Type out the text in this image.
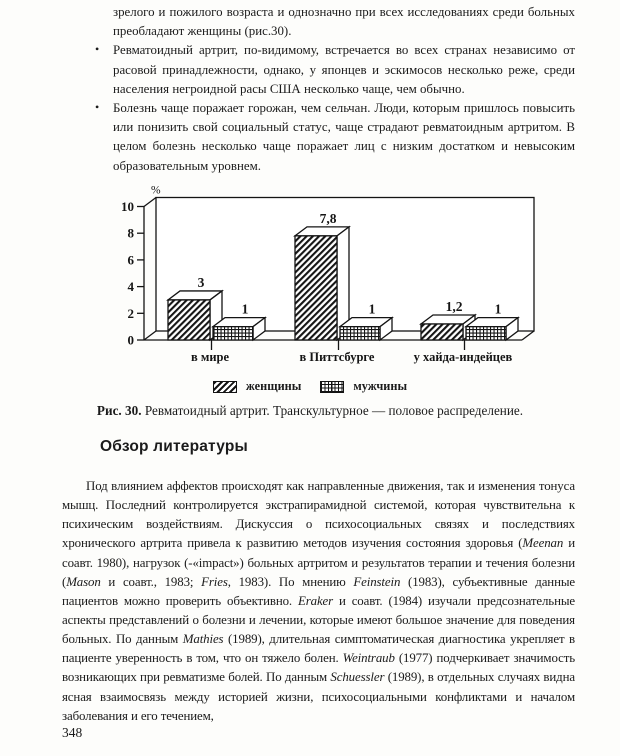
зрелого и пожилого возраста и однозначно при всех исследованиях среди больных преобладают женщины (рис.30).
• Ревматоидный артрит, по-видимому, встречается во всех странах независимо от расовой принадлежности, однако, у японцев и эскимосов несколько реже, среди населения негроидной расы США несколько чаще, чем обычно.
• Болезнь чаще поражает горожан, чем сельчан. Люди, которым пришлось повысить или понизить свой социальный статус, чаще страдают ревматоидным артритом. В целом болезнь несколько чаще поражает лиц с низким достатком и невысоким образовательным уровнем.
0
2
4
6
8
10
%
3
1
в мире
7,8
1
в Питтсбурге
1,2 1
у хайда-индейцев
женщины	мужчины
Рис. 30. Ревматоидный артрит. Транскультурное — половое распределение.
Обзор литературы

Под влиянием аффектов происходят как направленные движения, так и изменения тонуса мышц. Последний контролируется экстрапирамидной системой, которая чувствительна к психическим воздействиям. Дискуссия о психосоциальных связях и последствиях хронического артрита привела к развитию методов изучения состояния здоровья (Meenan и соавт. 1980), нагрузок (-«impact») больных артритом и результатов терапии и течения болезни (Mason и соавт., 1983; Fries, 1983). По мнению Feinstein (1983), субъективные данные пациентов можно проверить объективно. Eraker и соавт. (1984) изучали предсознательные аспекты представлений о болезни и лечении, которые имеют большое значение для поведения больных. По данным Mathies (1989), длительная симптоматическая диагностика укрепляет в пациенте уверенность в том, что он тяжело болен. Weintraub (1977) подчеркивает значимость возникающих при ревматизме болей. По данным Schuessler (1989), в отдельных случаях видна ясная взаимосвязь между историей жизни, психосоциальными конфликтами и началом заболевания и его течением,

348
